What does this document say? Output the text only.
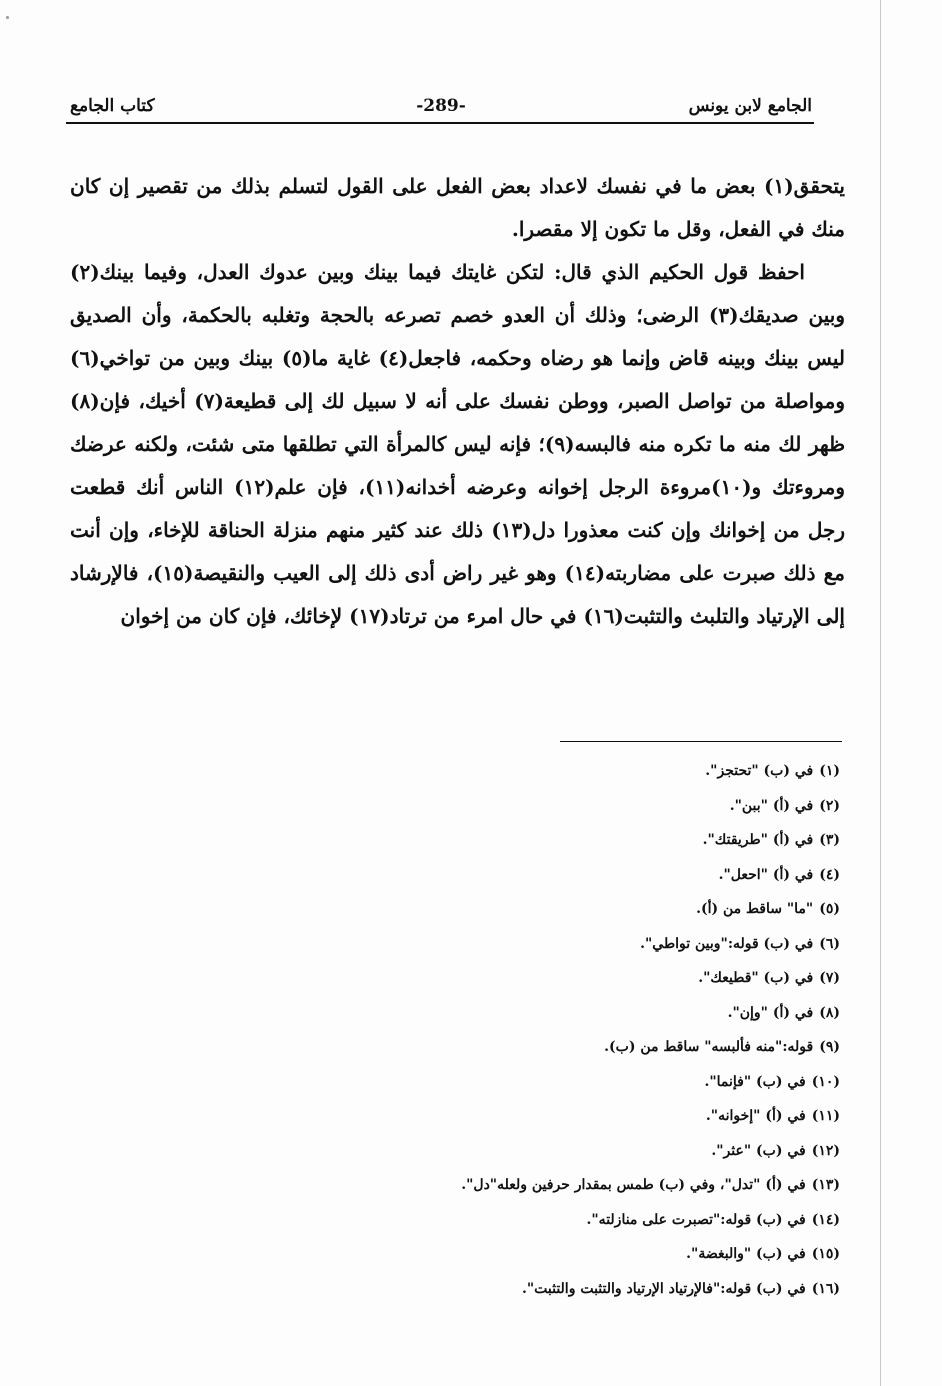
الجامع لابن يونس
-289-
كتاب الجامع

يتحقق(١) بعض ما في نفسك لاعداد بعض الفعل على القول لتسلم بذلك من تقصير إن كان منك في الفعل، وقل ما تكون إلا مقصرا.

احفظ قول الحكيم الذي قال: لتكن غايتك فيما بينك وبين عدوك العدل، وفيما بينك(٢) وبين صديقك(٣) الرضى؛ وذلك أن العدو خصم تصرعه بالحجة وتغلبه بالحكمة، وأن الصديق ليس بينك وبينه قاض وإنما هو رضاه وحكمه، فاجعل(٤) غاية ما(٥) بينك وبين من تواخي(٦) ومواصلة من تواصل الصبر، ووطن نفسك على أنه لا سبيل لك إلى قطيعة(٧) أخيك، فإن(٨) ظهر لك منه ما تكره منه فالبسه(٩)؛ فإنه ليس كالمرأة التي تطلقها متى شئت، ولكنه عرضك ومروءتك و(١٠)مروءة الرجل إخوانه وعرضه أخدانه(١١)، فإن علم(١٢) الناس أنك قطعت رجل من إخوانك وإن كنت معذورا دل(١٣) ذلك عند كثير منهم منزلة الحناقة للإخاء، وإن أنت مع ذلك صبرت على مضاربته(١٤) وهو غير راض أدى ذلك إلى العيب والنقيصة(١٥)، فالإرشاد إلى الإرتياد والتلبث والتثبت(١٦) في حال امرء من ترتاد(١٧) لإخائك، فإن كان من إخوان

(١)في (ب) "تحتجز".
(٢)في (أ) "ببن".
(٣)في (أ) "طريقتك".
(٤)في (أ) "احعل".
(٥)"ما" ساقط من (أ).
(٦)في (ب) قوله:"وبين تواطي".
(٧)في (ب) "قطيعك".
(٨)في (أ) "وإن".
(٩)قوله:"منه فألبسه" ساقط من (ب).
(١٠)في (ب) "فإنما".
(١١)في (أ) "إخوانه".
(١٢)في (ب) "عثر".
(١٣)في (أ) "تدل"، وفي (ب) طمس بمقدار حرفين ولعله"دل".
(١٤)في (ب) قوله:"تصبرت على منازلته".
(١٥)في (ب) "والبغضة".
(١٦)في (ب) قوله:"فالإرتياد الإرتياد والتثبت والتثبت".
